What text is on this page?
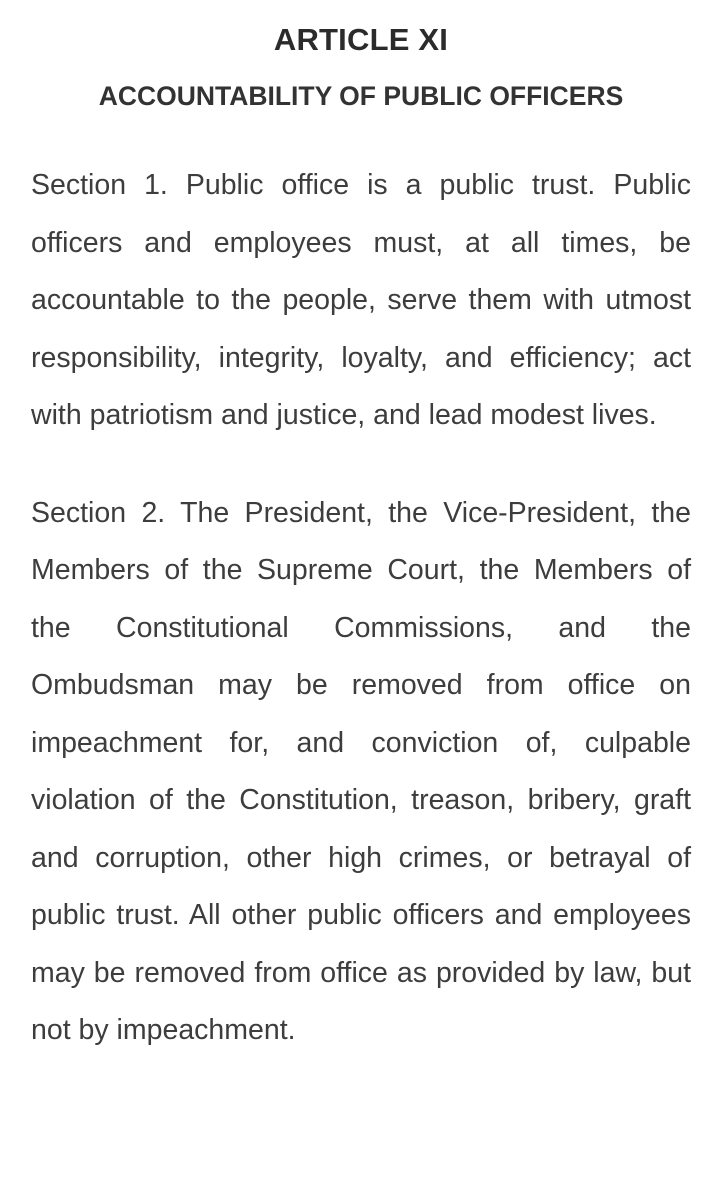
ARTICLE XI
ACCOUNTABILITY OF PUBLIC OFFICERS

Section 1. Public office is a public trust. Public officers and employees must, at all times, be accountable to the people, serve them with utmost responsibility, integrity, loyalty, and efficiency; act with patriotism and justice, and lead modest lives.

Section 2. The President, the Vice-President, the Members of the Supreme Court, the Members of the Constitutional Commissions, and the Ombudsman may be removed from office on impeachment for, and conviction of, culpable violation of the Constitution, treason, bribery, graft and corruption, other high crimes, or betrayal of public trust. All other public officers and employees may be removed from office as provided by law, but not by impeachment.
